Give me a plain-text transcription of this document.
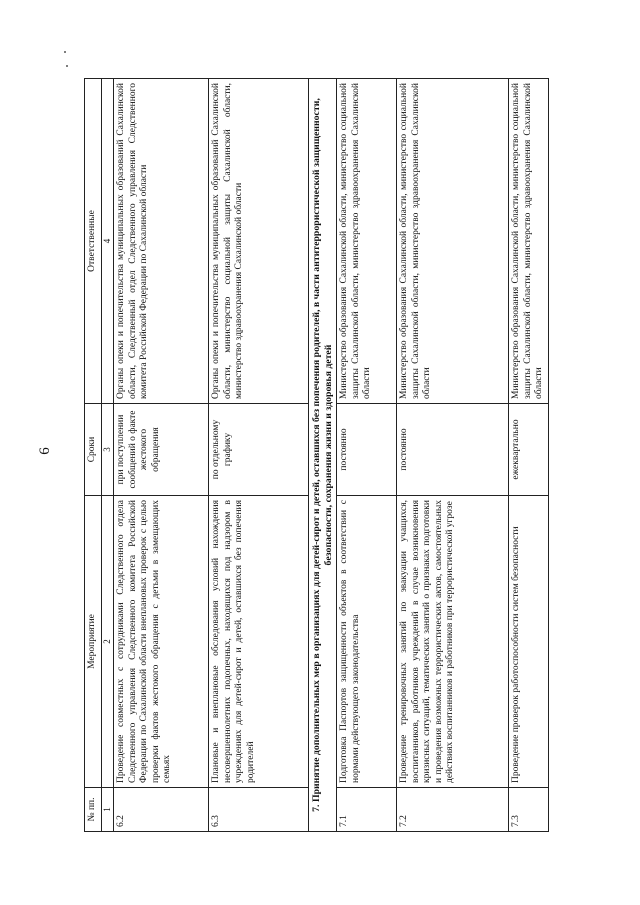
6
№ пп.	Мероприятие	Сроки	Ответственные
1	2	3	4
6.2	Проведение совместных с сотрудниками Следственного отдела Следственного управления Следственного комитета Российской Федерации по Сахалинской области внеплановых проверок с целью проверки фактов жестокого обращения с детьми в замещающих семьях	при поступлении сообщений о факте жестокого обращения	Органы опеки и попечительства муниципальных образований Сахалинской области, Следственный отдел Следственного управления Следственного комитета Российской Федерации по Сахалинской области
6.3	Плановые и внеплановые обследования условий нахождения несовершеннолетних подопечных, находящихся под надзором в учреждениях для детей-сирот и детей, оставшихся без попечения родителей	по отдельному графику	Органы опеки и попечительства муниципальных образований Сахалинской области, министерство социальной защиты Сахалинской области, министерство здравоохранения Сахалинской области
7. Принятие дополнительных мер в организациях для детей-сирот и детей, оставшихся без попечения родителей, в части антитеррористической защищенности, безопасности, сохранения жизни и здоровья детей			
7.1	Подготовка Паспортов защищенности объектов в соответствии с нормами действующего законодательства	постоянно	Министерство образования Сахалинской области, министерство социальной защиты Сахалинской области, министерство здравоохранения Сахалинской области
7.2	Проведение тренировочных занятий по эвакуации учащихся, воспитанников, работников учреждений в случае возникновения кризисных ситуаций, тематических занятий о признаках подготовки и проведения возможных террористических актов, самостоятельных действиях воспитанников и работников при террористической угрозе	постоянно	Министерство образования Сахалинской области, министерство социальной защиты Сахалинской области, министерство здравоохранения Сахалинской области
7.3	Проведение проверок работоспособности систем безопасности	ежеквартально	Министерство образования Сахалинской области, министерство социальной защиты Сахалинской области, министерство здравоохранения Сахалинской области
